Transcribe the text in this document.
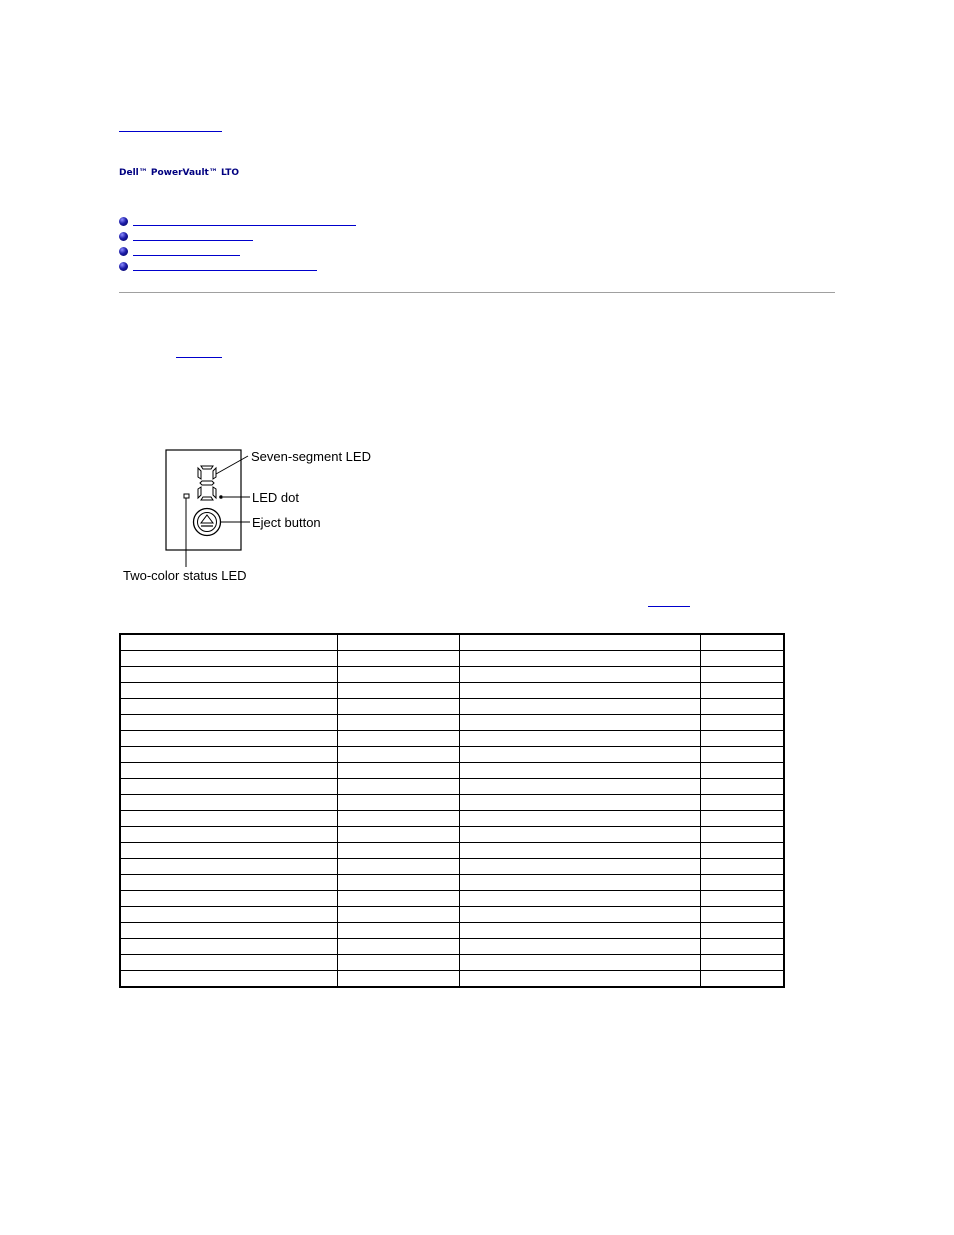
Dell™ PowerVault™ LTO
Seven-segment LED
LED dot
Eject button
Two-color status LED
